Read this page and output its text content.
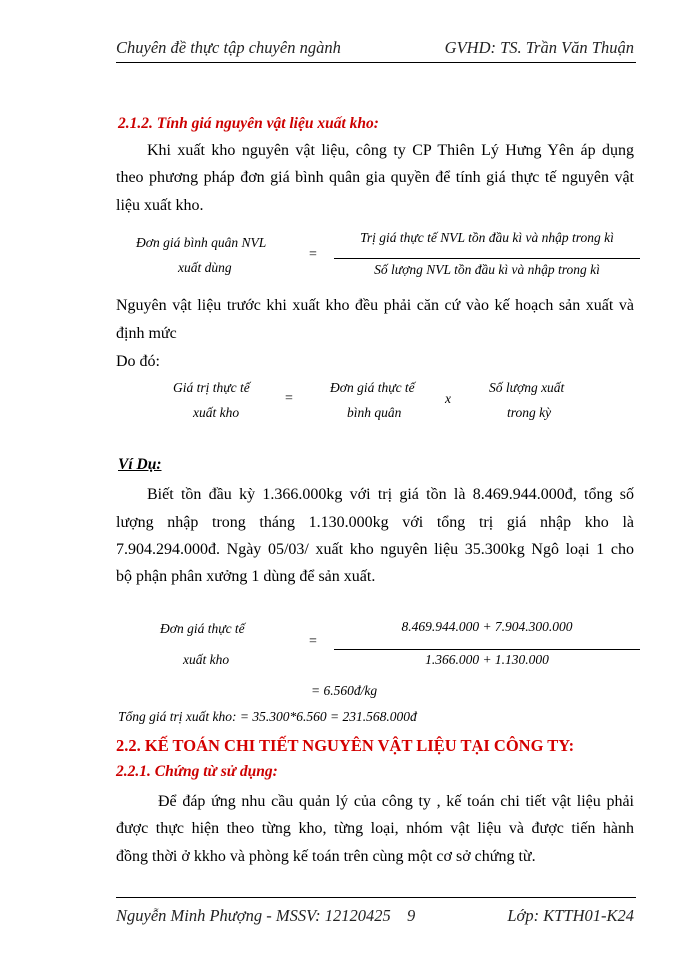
Chuyên đề thực tập chuyên ngành	GVHD: TS. Trần Văn Thuận
2.1.2. Tính giá nguyên vật liệu xuất kho:
Khi xuất kho nguyên vật liệu, công ty CP Thiên Lý Hưng Yên áp dụng
theo phương pháp đơn giá bình quân gia quyền để tính giá thực tế nguyên vật
liệu xuất kho.
Đơn giá bình quân NVL
xuất dùng
=
Trị giá thực tế NVL tồn đầu kì và nhập trong kì
Số lượng NVL tồn đầu kì và nhập trong kì
Nguyên vật liệu trước khi xuất kho đều phải căn cứ vào kế hoạch sản xuất và
định mức
Do đó:
Giá trị thực tế
xuất kho
=
Đơn giá thực tế
bình quân
x
Số lượng xuất
trong kỳ
Ví Dụ:
Biết tồn đầu kỳ 1.366.000kg với trị giá tồn là 8.469.944.000đ, tổng số
lượng nhập trong tháng 1.130.000kg với tổng trị giá nhập kho là
7.904.294.000đ. Ngày 05/03/ xuất kho nguyên liệu 35.300kg Ngô loại 1 cho
bộ phận phân xưởng 1 dùng để sản xuất.
Đơn giá thực tế
xuất kho
=
8.469.944.000 + 7.904.300.000
1.366.000 + 1.130.000
= 6.560đ/kg
Tổng giá trị xuất kho: = 35.300*6.560 = 231.568.000đ
2.2. KẾ TOÁN CHI TIẾT NGUYÊN VẬT LIỆU TẠI CÔNG TY:
2.2.1. Chứng từ sử dụng:
Để đáp ứng nhu cầu quản lý của công ty , kế toán chi tiết vật liệu phải
được thực hiện theo từng kho, từng loại, nhóm vật liệu và được tiến hành
đồng thời ở kkho và phòng kế toán trên cùng một cơ sở chứng từ.
Nguyễn Minh Phượng - MSSV: 12120425 9	Lớp: KTTH01-K24
